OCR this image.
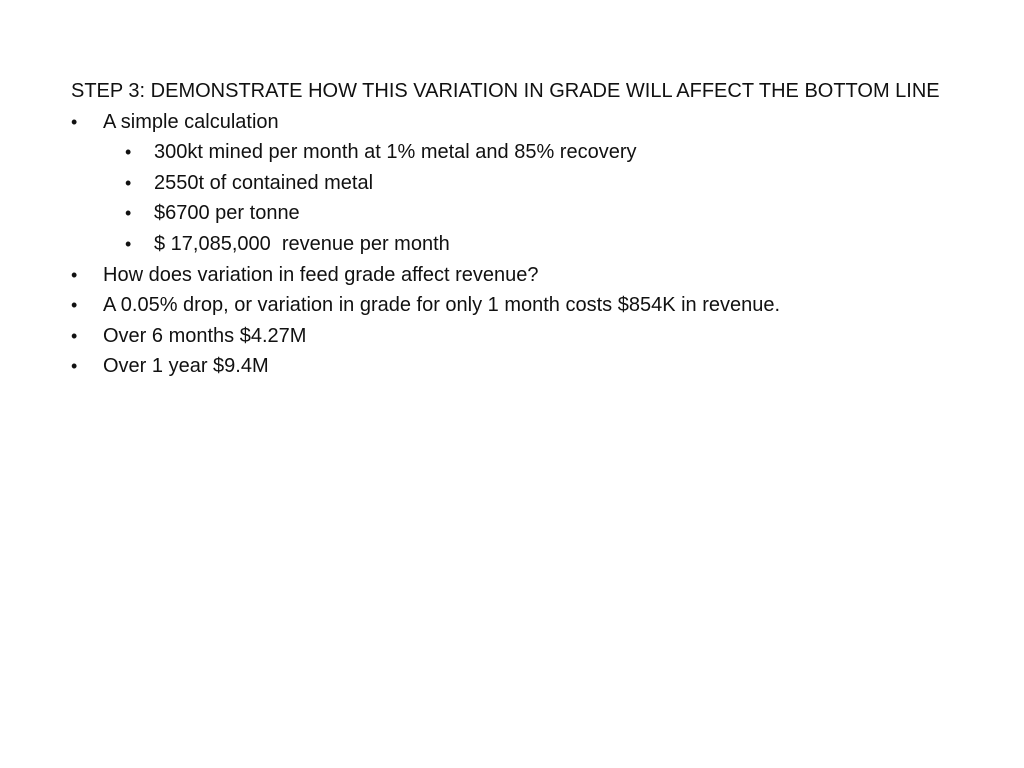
STEP 3: DEMONSTRATE HOW THIS VARIATION IN GRADE WILL AFFECT THE BOTTOM LINE

• A simple calculation
• 300kt mined per month at 1% metal and 85% recovery
• 2550t of contained metal
• $6700 per tonne
• $ 17,085,000  revenue per month
• How does variation in feed grade affect revenue?
• A 0.05% drop, or variation in grade for only 1 month costs $854K in revenue.
• Over 6 months $4.27M
• Over 1 year $9.4M
